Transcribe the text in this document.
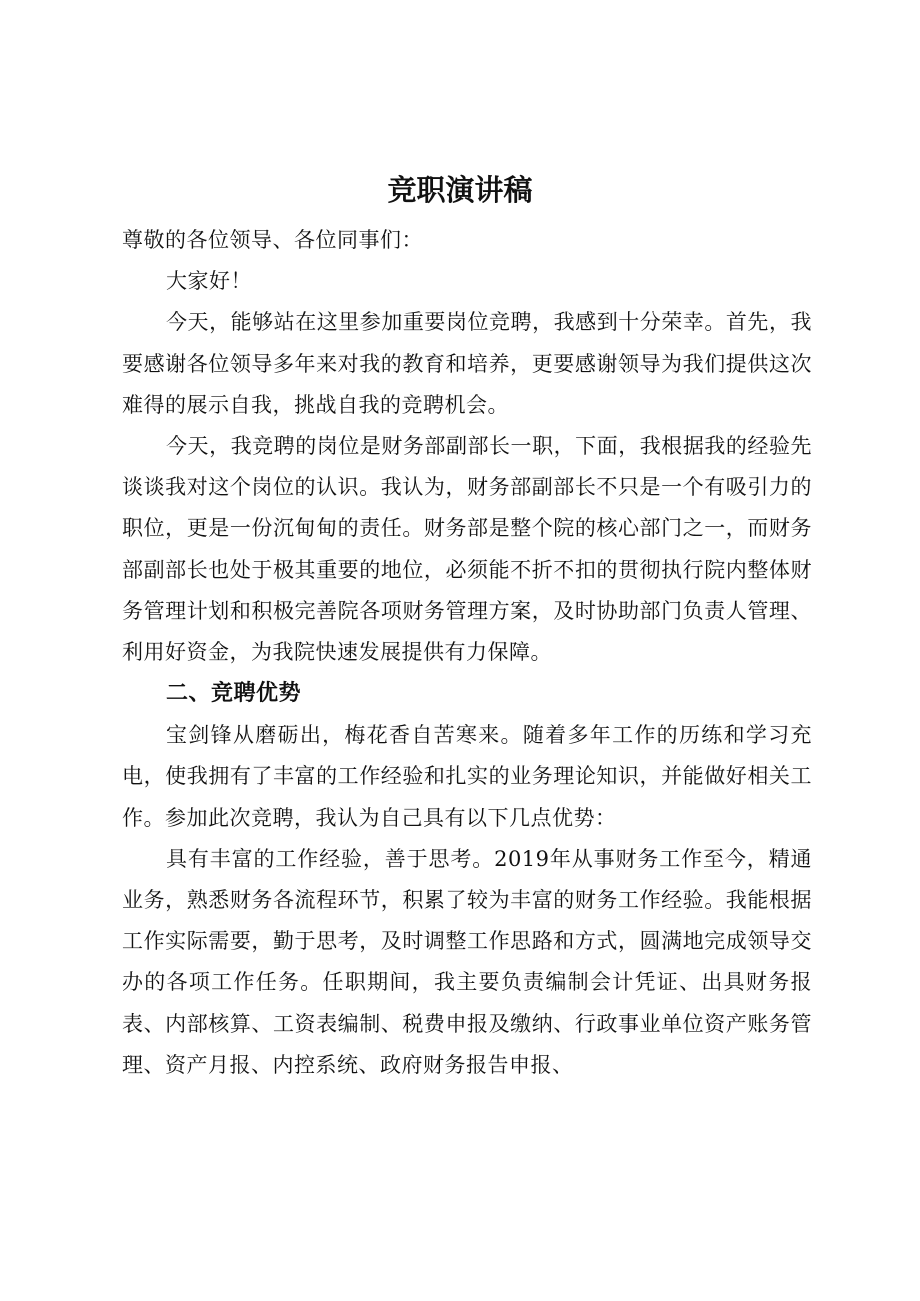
竞职演讲稿

尊敬的各位领导、各位同事们：

大家好！

今天，能够站在这里参加重要岗位竞聘，我感到十分荣幸。首先，我要感谢各位领导多年来对我的教育和培养，更要感谢领导为我们提供这次难得的展示自我，挑战自我的竞聘机会。

今天，我竞聘的岗位是财务部副部长一职，下面，我根据我的经验先谈谈我对这个岗位的认识。我认为，财务部副部长不只是一个有吸引力的职位，更是一份沉甸甸的责任。财务部是整个院的核心部门之一，而财务部副部长也处于极其重要的地位，必须能不折不扣的贯彻执行院内整体财务管理计划和积极完善院各项财务管理方案，及时协助部门负责人管理、利用好资金，为我院快速发展提供有力保障。

二、竞聘优势

宝剑锋从磨砺出，梅花香自苦寒来。随着多年工作的历练和学习充电，使我拥有了丰富的工作经验和扎实的业务理论知识，并能做好相关工作。参加此次竞聘，我认为自己具有以下几点优势：

具有丰富的工作经验，善于思考。2019年从事财务工作至今，精通业务，熟悉财务各流程环节，积累了较为丰富的财务工作经验。我能根据工作实际需要，勤于思考，及时调整工作思路和方式，圆满地完成领导交办的各项工作任务。任职期间，我主要负责编制会计凭证、出具财务报表、内部核算、工资表编制、税费申报及缴纳、行政事业单位资产账务管理、资产月报、内控系统、政府财务报告申报、
